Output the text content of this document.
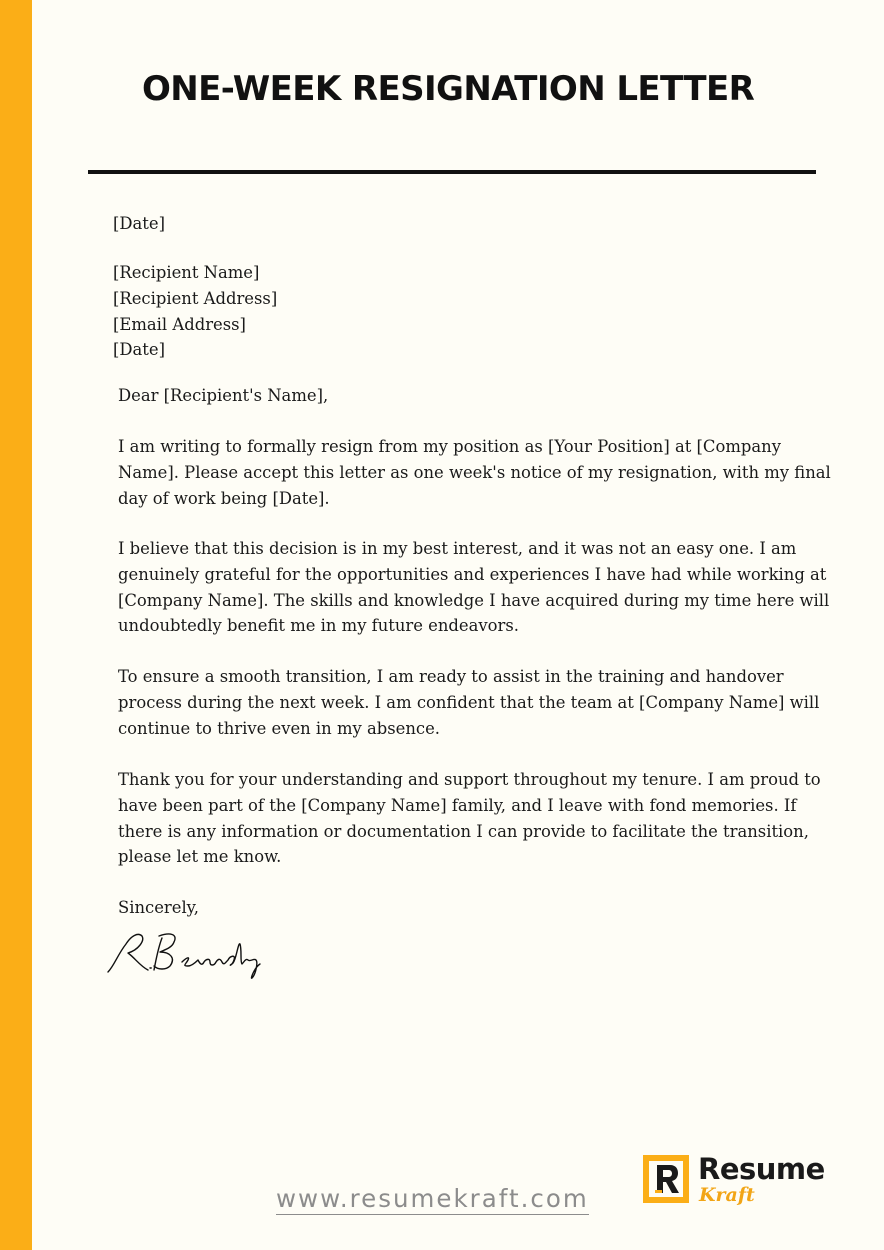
ONE-WEEK RESIGNATION LETTER
[Date]
[Recipient Name]
[Recipient Address]
[Email Address]
[Date]
Dear [Recipient's Name],
I am writing to formally resign from my position as [Your Position] at [Company
Name]. Please accept this letter as one week's notice of my resignation, with my final
day of work being [Date].
I believe that this decision is in my best interest, and it was not an easy one. I am
genuinely grateful for the opportunities and experiences I have had while working at
[Company Name]. The skills and knowledge I have acquired during my time here will
undoubtedly benefit me in my future endeavors.
To ensure a smooth transition, I am ready to assist in the training and handover
process during the next week. I am confident that the team at [Company Name] will
continue to thrive even in my absence.
Thank you for your understanding and support throughout my tenure. I am proud to
have been part of the [Company Name] family, and I leave with fond memories. If
there is any information or documentation I can provide to facilitate the transition,
please let me know.
Sincerely,
www.resumekraft.com
Resume
Kraft
